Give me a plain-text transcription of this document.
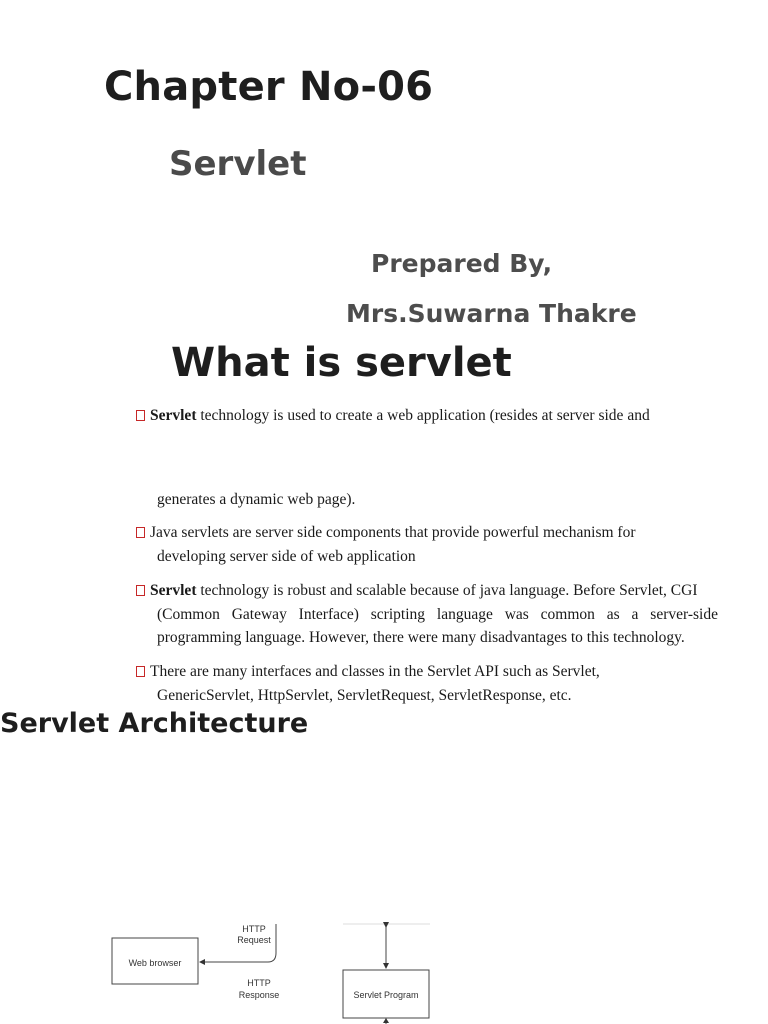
Chapter No-06
Servlet
Prepared By,
Mrs.Suwarna Thakre
What is servlet
Servlet technology is used to create a web application (resides at server side and
generates a dynamic web page).
Java servlets are server side components that provide powerful mechanism for
developing server side of web application
Servlet technology is robust and scalable because of java language. Before Servlet, CGI
(Common Gateway Interface) scripting language was common as a server-side programming language. However, there were many disadvantages to this technology.
There are many interfaces and classes in the Servlet API such as Servlet,
GenericServlet, HttpServlet, ServletRequest, ServletResponse, etc.
Servlet Architecture
Web browser
HTTP
Request
HTTP
Response	Servlet Program
